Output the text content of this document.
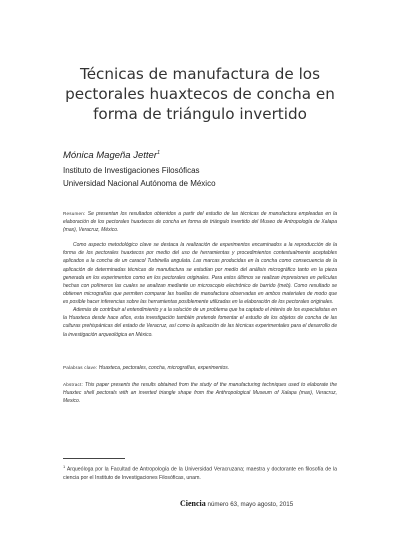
Técnicas de manufactura de los pectorales huaxtecos de concha en forma de triángulo invertido
Mónica Mageña Jetter$^1$
Instituto de Investigaciones Filosóficas
Universidad Nacional Autónoma de México

Resumen: Se presentan los resultados obtenidos a partir del estudio de las técnicas de manufactura empleadas en la elaboración de los pectorales huaxtecos de concha en forma de triángulo invertido del Museo de Antropología de Xalapa (max), Veracruz, México.

Como aspecto metodológico clave se destaca la realización de experimentos encaminados a la reproducción de la forma de los pectorales huaxtecos por medio del uso de herramientas y procedimientos contextualmente aceptables aplicados a la concha de un caracol Turbinella angulata. Las marcas producidas en la concha como consecuencia de la aplicación de determinadas técnicas de manufactura se estudian por medio del análisis micrográfico tanto en la pieza generada en los experimentos como en los pectorales originales. Para estos últimos se realizan impresiones en películas hechas con polímeros las cuales se analizan mediante un microscopio electrónico de barrido (meb). Como resultado se obtienen micrografías que permiten comparar las huellas de manufactura observadas en ambos materiales de modo que es posible hacer inferencias sobre las herramientas posiblemente utilizadas en la elaboración de los pectorales originales.

Además de contribuir al entendimiento y a la solución de un problema que ha captado el interés de los especialistas en la Huaxteca desde hace años, esta investigación también pretende fomentar el estudio de los objetos de concha de las culturas prehispánicas del estado de Veracruz, así como la aplicación de las técnicas experimentales para el desarrollo de la investigación arqueológica en México.

Palabras clave: Huaxteca, pectorales, concha, micrografías, experimentos.

Abstract: This paper presents the results obtained from the study of the manufacturing techniques used to elaborate the Huaxtec shell pectorals with an inverted triangle shape from the Anthropological Museum of Xalapa (max), Veracruz, Mexico.

$^1$ Arqueóloga por la Facultad de Antropología de la Universidad Veracruzana; maestra y doctorante en filosofía de la ciencia por el Instituto de Investigaciones Filosóficas, unam.

Ciencia número 63, mayo agosto, 2015
